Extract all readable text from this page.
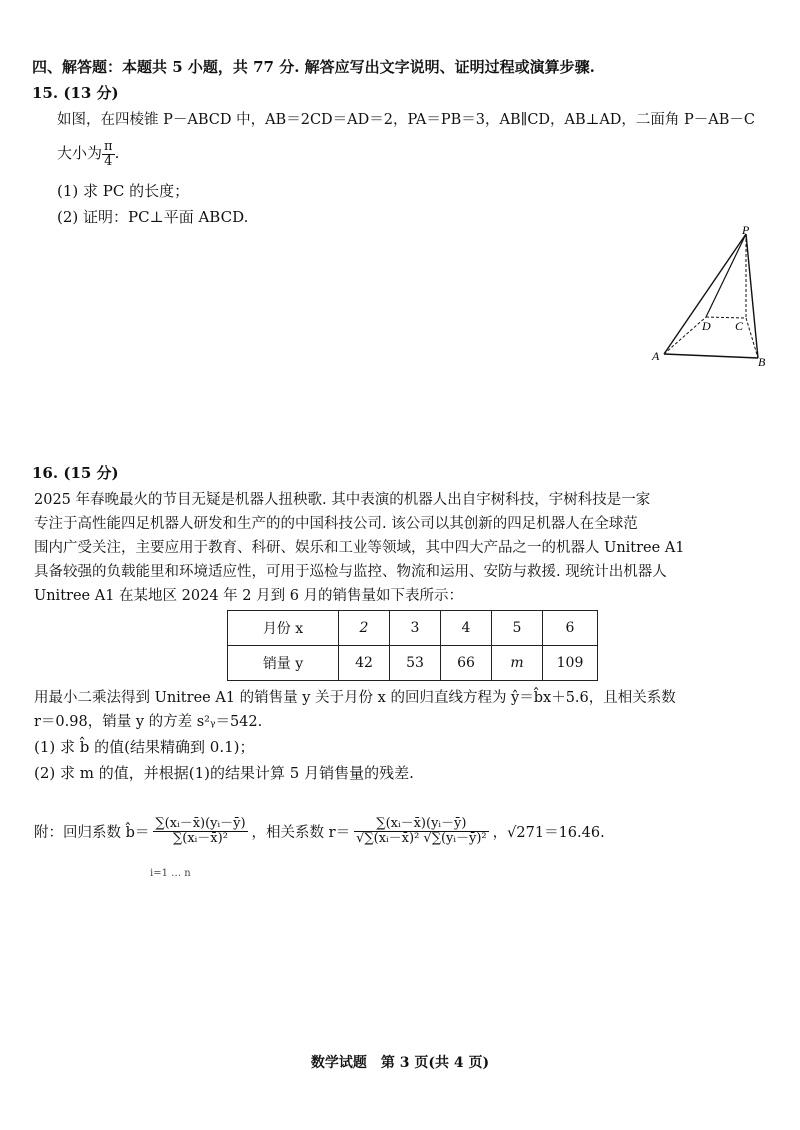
四、解答题：本题共 5 小题，共 77 分. 解答应写出文字说明、证明过程或演算步骤.
15. (13 分)
如图，在四棱锥 P－ABCD 中，AB＝2CD＝AD＝2，PA＝PB＝3，AB∥CD，AB⊥AD，二面角 P－AB－C
大小为 $\frac{\pi}{4}$ .
(1) 求 PC 的长度；
(2) 证明：PC⊥平面 ABCD.
P
A	B
C
D
16. (15 分)
2025 年春晚最火的节目无疑是机器人扭秧歌. 其中表演的机器人出自宇树科技，宇树科技是一家
专注于高性能四足机器人研发和生产的的中国科技公司. 该公司以其创新的四足机器人在全球范
围内广受关注，主要应用于教育、科研、娱乐和工业等领域，其中四大产品之一的机器人 Unitree A1
具备较强的负载能里和环境适应性，可用于巡检与监控、物流和运用、安防与救援. 现统计出机器人
Unitree A1 在某地区 2024 年 2 月到 6 月的销售量如下表所示：
月份 x	2	3	4	5	6
销量 y	42	53	66	m	109
用最小二乘法得到 Unitree A1 的销售量 y 关于月份 x 的回归直线方程为 ŷ＝b̂x＋5.6，且相关系数
r＝0.98，销量 y 的方差 s²ᵧ＝542.
(1) 求 b̂ 的值(结果精确到 0.1)；
(2) 求 m 的值，并根据(1)的结果计算 5 月销售量的残差.
附：回归系数 b̂＝ $\frac{\text{∑(xᵢ－x̄)(yᵢ－ȳ)}}{\text{∑(xᵢ－x̄)²}}$ ，相关系数 $r= \frac{\text{∑(xᵢ－x̄)(yᵢ－ȳ)}}{\text{√∑(xᵢ－x̄)² √∑(yᵢ－ȳ)²}}$ ，√271＝16.46.
i=1 … n
数学试题　第 3 页(共 4 页)
